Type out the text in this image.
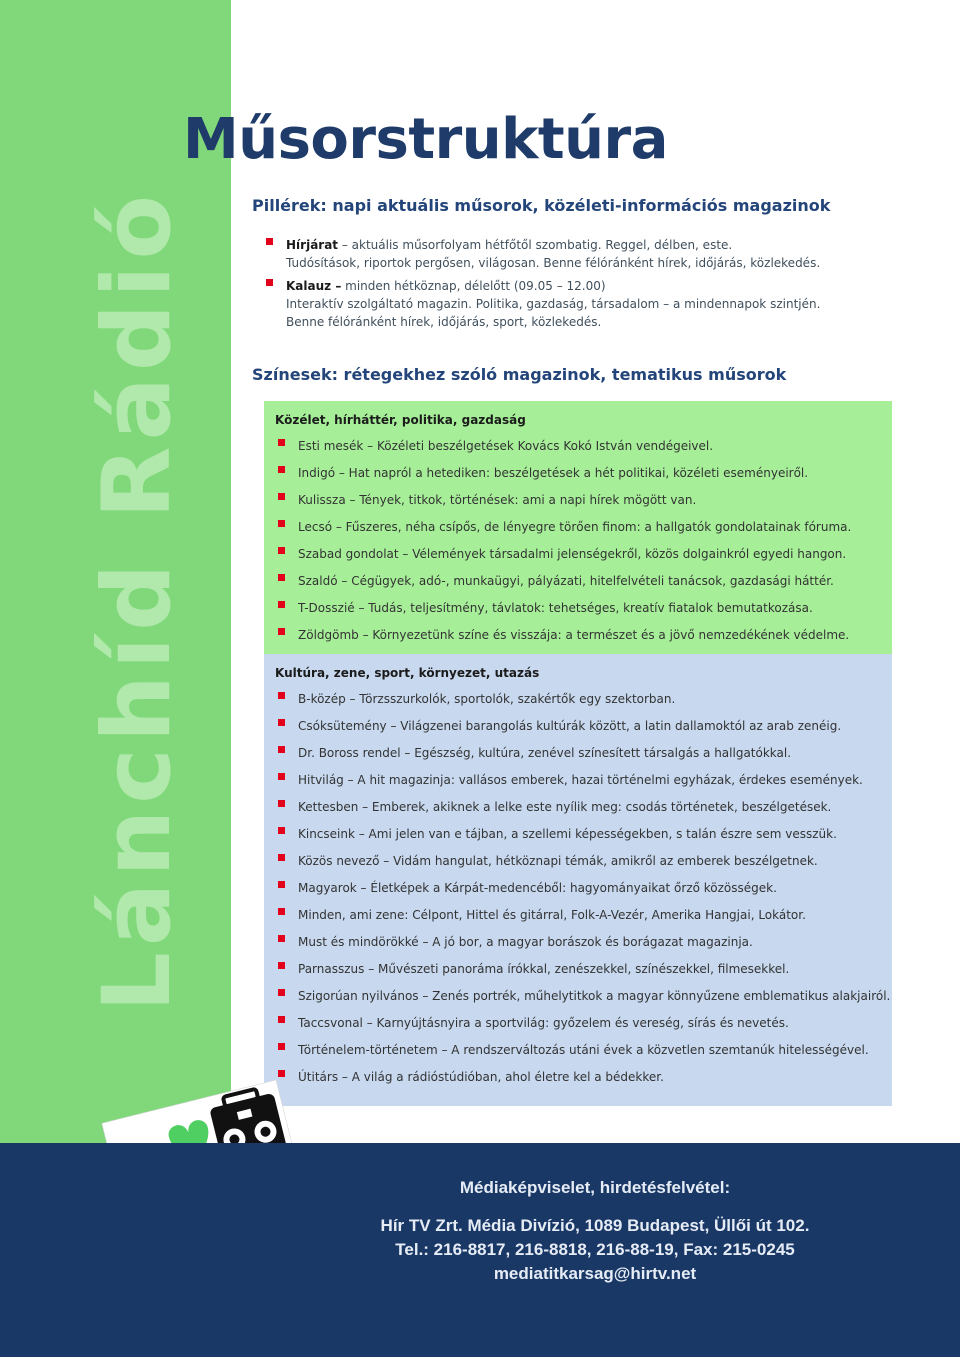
Lánchíd Rádió
Műsorstruktúra
Pillérek: napi aktuális műsorok, közéleti-információs magazinok
Hírjárat – aktuális műsorfolyam hétfőtől szombatig. Reggel, délben, este.
Tudósítások, riportok pergősen, világosan. Benne félóránként hírek, időjárás, közlekedés.
Kalauz – minden hétköznap, délelőtt (09.05 – 12.00)
Interaktív szolgáltató magazin. Politika, gazdaság, társadalom – a mindennapok szintjén.
Benne félóránként hírek, időjárás, sport, közlekedés.
Színesek: rétegekhez szóló magazinok, tematikus műsorok
Közélet, hírháttér, politika, gazdaság
Esti mesék – Közéleti beszélgetések Kovács Kokó István vendégeivel.
Indigó – Hat napról a hetediken: beszélgetések a hét politikai, közéleti eseményeiről.
Kulissza – Tények, titkok, történések: ami a napi hírek mögött van.
Lecsó – Fűszeres, néha csípős, de lényegre törően finom: a hallgatók gondolatainak fóruma.
Szabad gondolat – Vélemények társadalmi jelenségekről, közös dolgainkról egyedi hangon.
Szaldó – Cégügyek, adó-, munkaügyi, pályázati, hitelfelvételi tanácsok, gazdasági háttér.
T-Dosszié – Tudás, teljesítmény, távlatok: tehetséges, kreatív fiatalok bemutatkozása.
Zöldgömb – Környezetünk színe és visszája: a természet és a jövő nemzedékének védelme.
Kultúra, zene, sport, környezet, utazás
B-közép – Törzsszurkolók, sportolók, szakértők egy szektorban.
Csóksütemény – Világzenei barangolás kultúrák között, a latin dallamoktól az arab zenéig.
Dr. Boross rendel – Egészség, kultúra, zenével színesített társalgás a hallgatókkal.
Hitvilág – A hit magazinja: vallásos emberek, hazai történelmi egyházak, érdekes események.
Kettesben – Emberek, akiknek a lelke este nyílik meg: csodás történetek, beszélgetések.
Kincseink – Ami jelen van e tájban, a szellemi képességekben, s talán észre sem vesszük.
Közös nevező – Vidám hangulat, hétköznapi témák, amikről az emberek beszélgetnek.
Magyarok – Életképek a Kárpát-medencéből: hagyományaikat őrző közösségek.
Minden, ami zene: Célpont, Hittel és gitárral, Folk-A-Vezér, Amerika Hangjai, Lokátor.
Must és mindörökké – A jó bor, a magyar borászok és borágazat magazinja.
Parnasszus – Művészeti panoráma írókkal, zenészekkel, színészekkel, filmesekkel.
Szigorúan nyilvános – Zenés portrék, műhelytitkok a magyar könnyűzene emblematikus alakjairól.
Taccsvonal – Karnyújtásnyira a sportvilág: győzelem és vereség, sírás és nevetés.
Történelem-történetem – A rendszerváltozás utáni évek a közvetlen szemtanúk hitelességével.
Útitárs – A világ a rádióstúdióban, ahol életre kel a bédekker.
Médiaképviselet, hirdetésfelvétel:
Hír TV Zrt. Média Divízió, 1089 Budapest, Üllői út 102.
Tel.: 216-8817, 216-8818, 216-88-19, Fax: 215-0245
mediatitkarsag@hirtv.net
